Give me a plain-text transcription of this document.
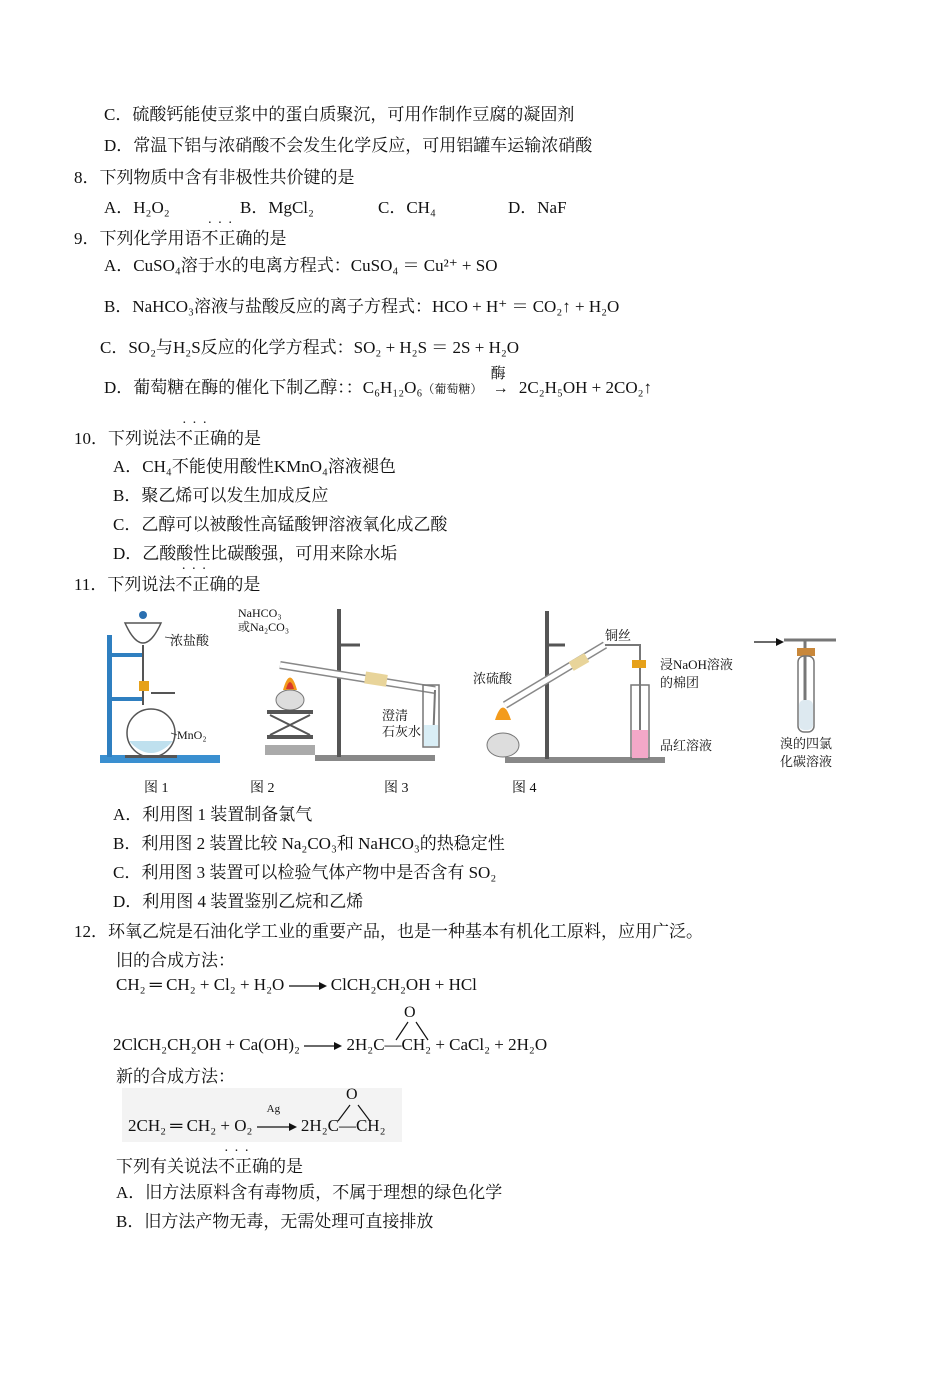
C．硫酸钙能使豆浆中的蛋白质聚沉，可用作制作豆腐的凝固剂
D．常温下铝与浓硝酸不会发生化学反应，可用铝罐车运输浓硝酸
8．下列物质中含有非极性共价键的是
A．H₂O₂	B．MgCl₂	C．CH₄	D．NaF
9．下列化学用语· · · 不正确的是
A．CuSO₄溶于水的电离方程式：CuSO₄ ＝ Cu²⁺ + SO
B．NaHCO₃溶液与盐酸反应的离子方程式：HCO + H⁺ ＝ CO₂↑ + H₂O
C．SO₂与H₂S反应的化学方程式：SO₂ + H₂S ＝ 2S + H₂O
D．葡萄糖在酶的催化下制乙醇：：C₆H₁₂O₆（葡萄糖）
酶
→ 2C₂H₅OH + 2CO₂↑
10．下列说法· · · 不正确的是
A．CH₄不能使用酸性KMnO₄溶液褪色
B．聚乙烯可以发生加成反应
C．乙醇可以被酸性高锰酸钾溶液氧化成乙酸
D．乙酸酸性比碳酸强，可用来除水垢
11．下列说法· · · 不正确的是
浓盐酸
MnO₂
NaHCO₃
或Na₂CO₃
澄清
石灰水
铜丝
浓硫酸
浸NaOH溶液
的棉团
品红溶液	溴的四氯
化碳溶液
图 1	图 2	图 3	图 4
A．利用图 1 装置制备氯气
B．利用图 2 装置比较 Na₂CO₃和 NaHCO₃的热稳定性
C．利用图 3 装置可以检验气体产物中是否含有 SO₂
D．利用图 4 装置鉴别乙烷和乙烯
12．环氧乙烷是石油化学工业的重要产品，也是一种基本有机化工原料，应用广泛。
旧的合成方法：
CH₂ ═ CH₂ + Cl₂ + H₂O → ClCH₂CH₂OH + HCl
O
2ClCH₂CH₂OH + Ca(OH)₂ → 2H₂C—CH₂ + CaCl₂ + 2H₂O
新的合成方法：
O
2CH₂ ═ CH₂ + O₂
Ag
2H₂C—CH₂
下列有关说法· · · 不正确的是
A．旧方法原料含有毒物质，不属于理想的绿色化学
B．旧方法产物无毒，无需处理可直接排放
